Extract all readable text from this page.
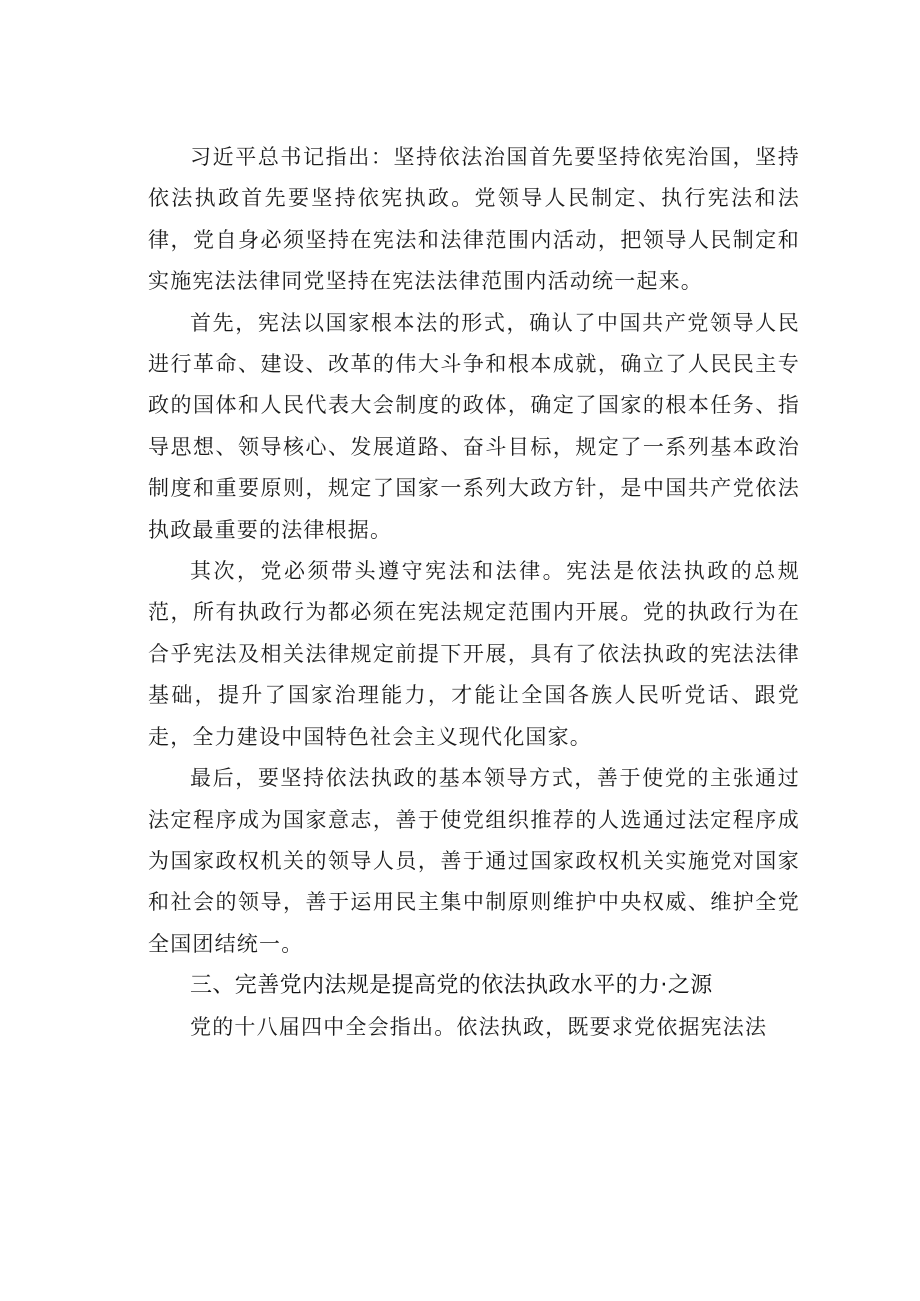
习近平总书记指出：坚持依法治国首先要坚持依宪治国，坚持依法执政首先要坚持依宪执政。党领导人民制定、执行宪法和法律，党自身必须坚持在宪法和法律范围内活动，把领导人民制定和实施宪法法律同党坚持在宪法法律范围内活动统一起来。

首先，宪法以国家根本法的形式，确认了中国共产党领导人民进行革命、建设、改革的伟大斗争和根本成就，确立了人民民主专政的国体和人民代表大会制度的政体，确定了国家的根本任务、指导思想、领导核心、发展道路、奋斗目标，规定了一系列基本政治制度和重要原则，规定了国家一系列大政方针，是中国共产党依法执政最重要的法律根据。

其次，党必须带头遵守宪法和法律。宪法是依法执政的总规范，所有执政行为都必须在宪法规定范围内开展。党的执政行为在合乎宪法及相关法律规定前提下开展，具有了依法执政的宪法法律基础，提升了国家治理能力，才能让全国各族人民听党话、跟党走，全力建设中国特色社会主义现代化国家。

最后，要坚持依法执政的基本领导方式，善于使党的主张通过法定程序成为国家意志，善于使党组织推荐的人选通过法定程序成为国家政权机关的领导人员，善于通过国家政权机关实施党对国家和社会的领导，善于运用民主集中制原则维护中央权威、维护全党全国团结统一。

三、完善党内法规是提高党的依法执政水平的力·之源

党的十八届四中全会指出。依法执政，既要求党依据宪法法
